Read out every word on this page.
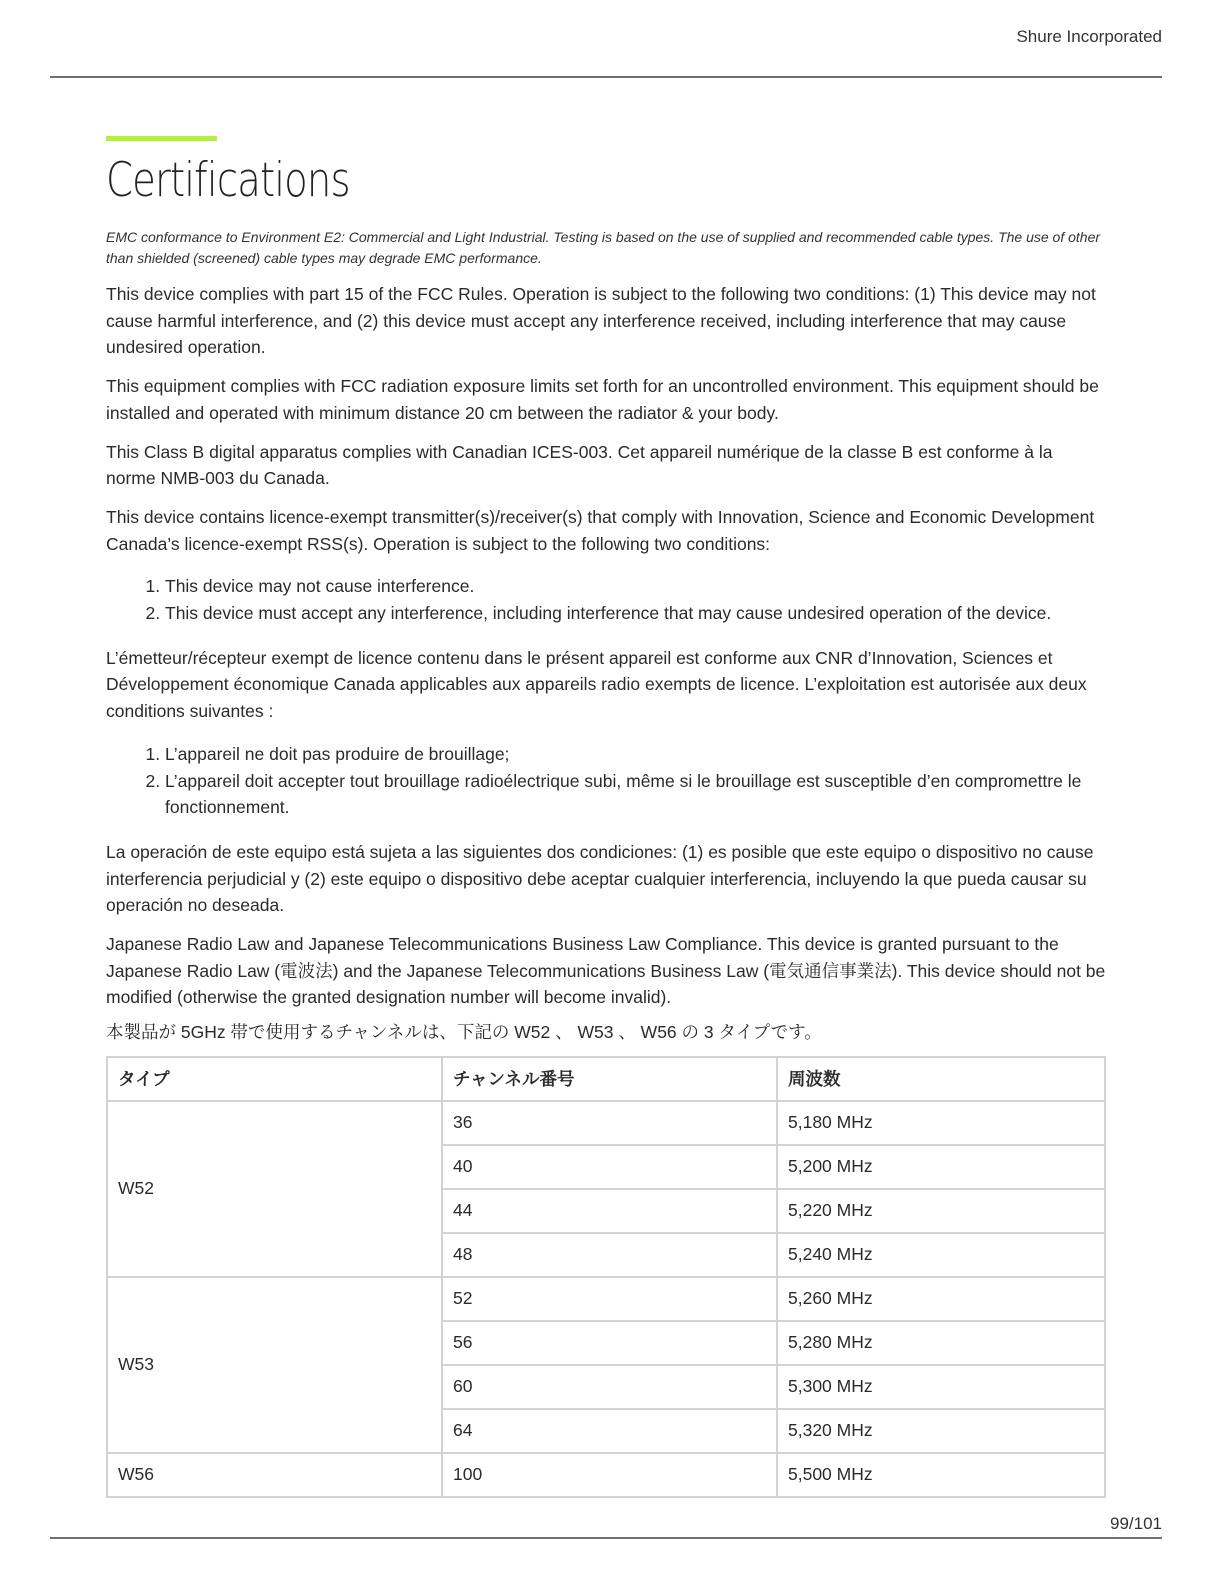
Shure Incorporated
Certifications

EMC conformance to Environment E2: Commercial and Light Industrial. Testing is based on the use of supplied and recommended cable types. The use of other than shielded (screened) cable types may degrade EMC performance.

This device complies with part 15 of the FCC Rules. Operation is subject to the following two conditions: (1) This device may not cause harmful interference, and (2) this device must accept any interference received, including interference that may cause undesired operation.

This equipment complies with FCC radiation exposure limits set forth for an uncontrolled environment. This equipment should be installed and operated with minimum distance 20 cm between the radiator & your body.

This Class B digital apparatus complies with Canadian ICES-003. Cet appareil numérique de la classe B est conforme à la norme NMB-003 du Canada.

This device contains licence-exempt transmitter(s)/receiver(s) that comply with Innovation, Science and Economic Development Canada’s licence-exempt RSS(s). Operation is subject to the following two conditions:

1. This device may not cause interference.
2. This device must accept any interference, including interference that may cause undesired operation of the device.

L’émetteur/récepteur exempt de licence contenu dans le présent appareil est conforme aux CNR d’Innovation, Sciences et Développement économique Canada applicables aux appareils radio exempts de licence. L’exploitation est autorisée aux deux conditions suivantes :

1. L’appareil ne doit pas produire de brouillage;
2. L’appareil doit accepter tout brouillage radioélectrique subi, même si le brouillage est susceptible d’en compromettre le fonctionnement.

La operación de este equipo está sujeta a las siguientes dos condiciones: (1) es posible que este equipo o dispositivo no cause interferencia perjudicial y (2) este equipo o dispositivo debe aceptar cualquier interferencia, incluyendo la que pueda causar su operación no deseada.

Japanese Radio Law and Japanese Telecommunications Business Law Compliance. This device is granted pursuant to the Japanese Radio Law (電波法) and the Japanese Telecommunications Business Law (電気通信事業法). This device should not be modified (otherwise the granted designation number will become invalid).

本製品が 5GHz 帯で使用するチャンネルは、下記の W52 、 W53 、 W56 の 3 タイプです。

タイプ	チャンネル番号	周波数
W52	36	5,180 MHz
	40	5,200 MHz
	44	5,220 MHz
	48	5,240 MHz
W53	52	5,260 MHz
	56	5,280 MHz
	60	5,300 MHz
	64	5,320 MHz
W56	100	5,500 MHz
99/101
